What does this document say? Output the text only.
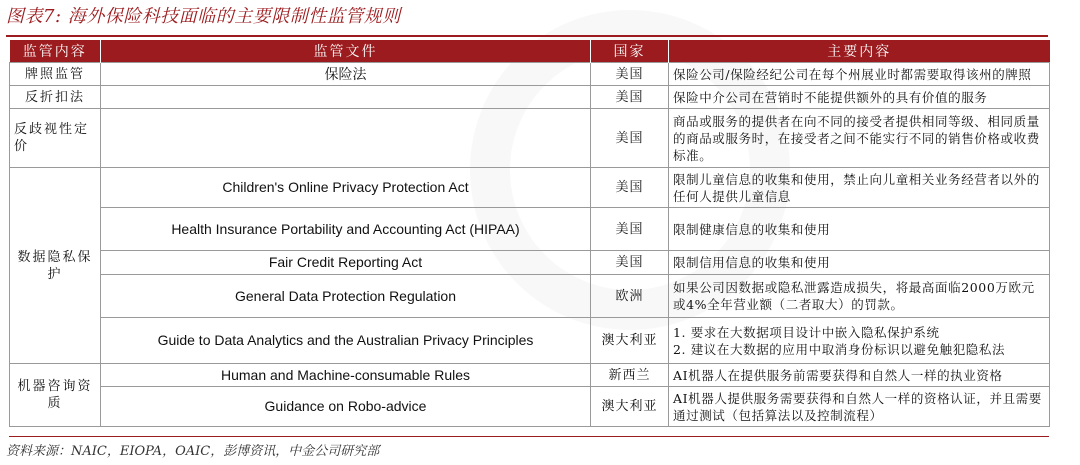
图表7: 海外保险科技面临的主要限制性监管规则
监管内容	监管文件	国家	主要内容
牌照监管	保险法	美国	保险公司/保险经纪公司在每个州展业时都需要取得该州的牌照
反折扣法		美国	保险中介公司在营销时不能提供额外的具有价值的服务
反歧视性定价		美国	商品或服务的提供者在向不同的接受者提供相同等级、相同质量的商品或服务时，在接受者之间不能实行不同的销售价格或收费标准。
数据隐私保护	Children's Online Privacy Protection Act	美国	限制儿童信息的收集和使用，禁止向儿童相关业务经营者以外的任何人提供儿童信息
	Health Insurance Portability and Accounting Act (HIPAA)	美国	限制健康信息的收集和使用
	Fair Credit Reporting Act	美国	限制信用信息的收集和使用
	General Data Protection Regulation	欧洲	如果公司因数据或隐私泄露造成损失，将最高面临2000万欧元或4%全年营业额（二者取大）的罚款。
	Guide to Data Analytics and the Australian Privacy Principles	澳大利亚	1. 要求在大数据项目设计中嵌入隐私保护系统
2. 建议在大数据的应用中取消身份标识以避免触犯隐私法

机器咨询资质	Human and Machine-consumable Rules	新西兰	AI机器人在提供服务前需要获得和自然人一样的执业资格
	Guidance on Robo-advice	澳大利亚	AI机器人提供服务需要获得和自然人一样的资格认证，并且需要通过测试（包括算法以及控制流程）
资料来源：NAIC，EIOPA，OAIC，彭博资讯，中金公司研究部
